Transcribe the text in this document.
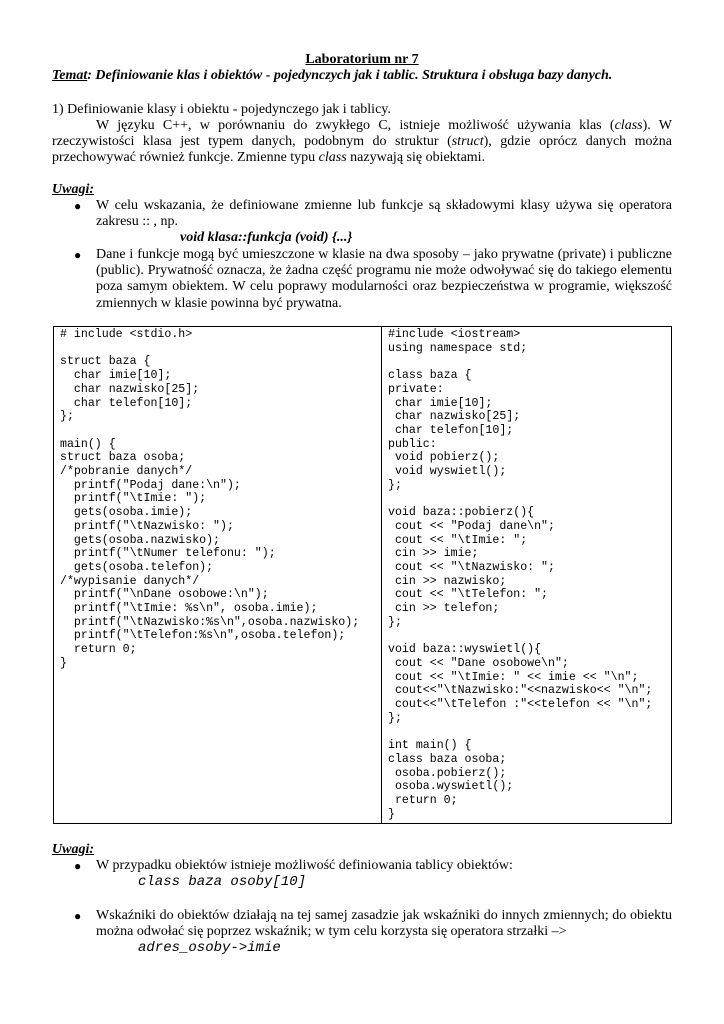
Laboratorium nr 7
Temat: Definiowanie klas i obiektów - pojedynczych jak i tablic. Struktura i obsługa bazy danych.
1) Definiowanie klasy i obiektu - pojedynczego jak i tablicy.
W języku C++, w porównaniu do zwykłego C, istnieje możliwość używania klas (class). W rzeczywistości klasa jest typem danych, podobnym do struktur (struct), gdzie oprócz danych można przechowywać również funkcje. Zmienne typu class nazywają się obiektami.
Uwagi:
● W celu wskazania, że definiowane zmienne lub funkcje są składowymi klasy używa się operatora zakresu :: , np.
void klasa::funkcja (void) {...}
● Dane i funkcje mogą być umieszczone w klasie na dwa sposoby – jako prywatne (private) i publiczne (public). Prywatność oznacza, że żadna część programu nie może odwoływać się do takiego elementu poza samym obiektem. W celu poprawy modularności oraz bezpieczeństwa w programie, większość zmiennych w klasie powinna być prywatna.
# include <stdio.h>

struct baza {
char imie[10];
char nazwisko[25];
char telefon[10];
};

main() {
struct baza osoba;
/*pobranie danych*/
printf("Podaj dane:\n");
printf("\tImie: ");
gets(osoba.imie);
printf("\tNazwisko: ");
gets(osoba.nazwisko);
printf("\tNumer telefonu: ");
gets(osoba.telefon);
/*wypisanie danych*/
printf("\nDane osobowe:\n");
printf("\tImie: %s\n", osoba.imie);
printf("\tNazwisko:%s\n",osoba.nazwisko);
printf("\tTelefon:%s\n",osoba.telefon);
return 0;
}
#include <iostream>
using namespace std;

class baza {
private:
char imie[10];
char nazwisko[25];
char telefon[10];
public:
void pobierz();
void wyswietl();
};

void baza::pobierz(){
cout << "Podaj dane\n";
cout << "\tImie: ";
cin >> imie;
cout << "\tNazwisko: ";
cin >> nazwisko;
cout << "\tTelefon: ";
cin >> telefon;
};

void baza::wyswietl(){
cout << "Dane osobowe\n";
cout << "\tImie: " << imie << "\n";
cout<<"\tNazwisko:"<<nazwisko<< "\n";
cout<<"\tTelefon :"<<telefon << "\n";
};

int main() {
class baza osoba;
osoba.pobierz();
osoba.wyswietl();
return 0;
}
Uwagi:
● W przypadku obiektów istnieje możliwość definiowania tablicy obiektów:
class baza osoby[10]
● Wskaźniki do obiektów działają na tej samej zasadzie jak wskaźniki do innych zmiennych; do obiektu można odwołać się poprzez wskaźnik; w tym celu korzysta się operatora strzałki –>
adres_osoby->imie
